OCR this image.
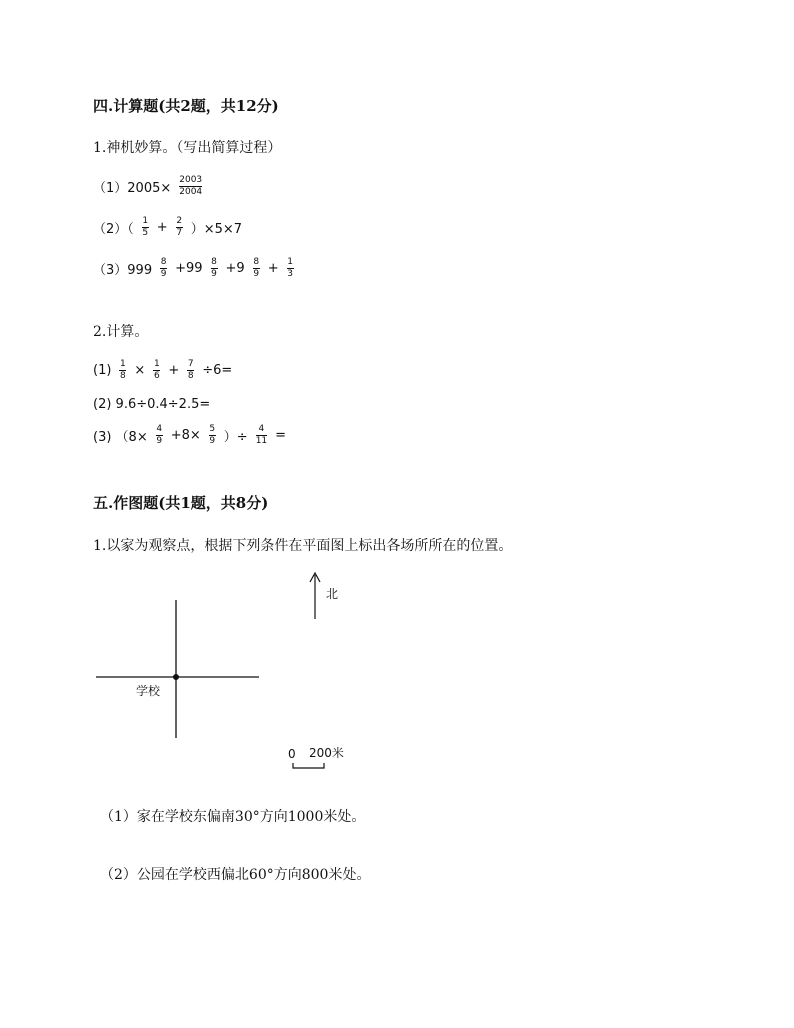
四.计算题(共2题，共12分)
1.神机妙算。（写出简算过程）
$(1)2005\times \frac{2003}{2004}$
$(2)( \frac{1}{5} + \frac{2}{7} )\times 5\times 7$
$(3)999 \frac{8}{9} +99 \frac{8}{9} +9 \frac{8}{9} + \frac{1}{3}$
2.计算。
$(1) \frac{1}{8} \times \frac{1}{6} + \frac{7}{8} \div 6=$
(2) 9.6÷0.4÷2.5=
(3) （$8\times \frac{4}{9} +8\times \frac{5}{9}$ ）÷ $\frac{4}{11}$ =
五.作图题(共1题，共8分)
1.以家为观察点，根据下列条件在平面图上标出各场所所在的位置。
学校
北
0 200米
（1）家在学校东偏南30°方向1000米处。
（2）公园在学校西偏北60°方向800米处。
